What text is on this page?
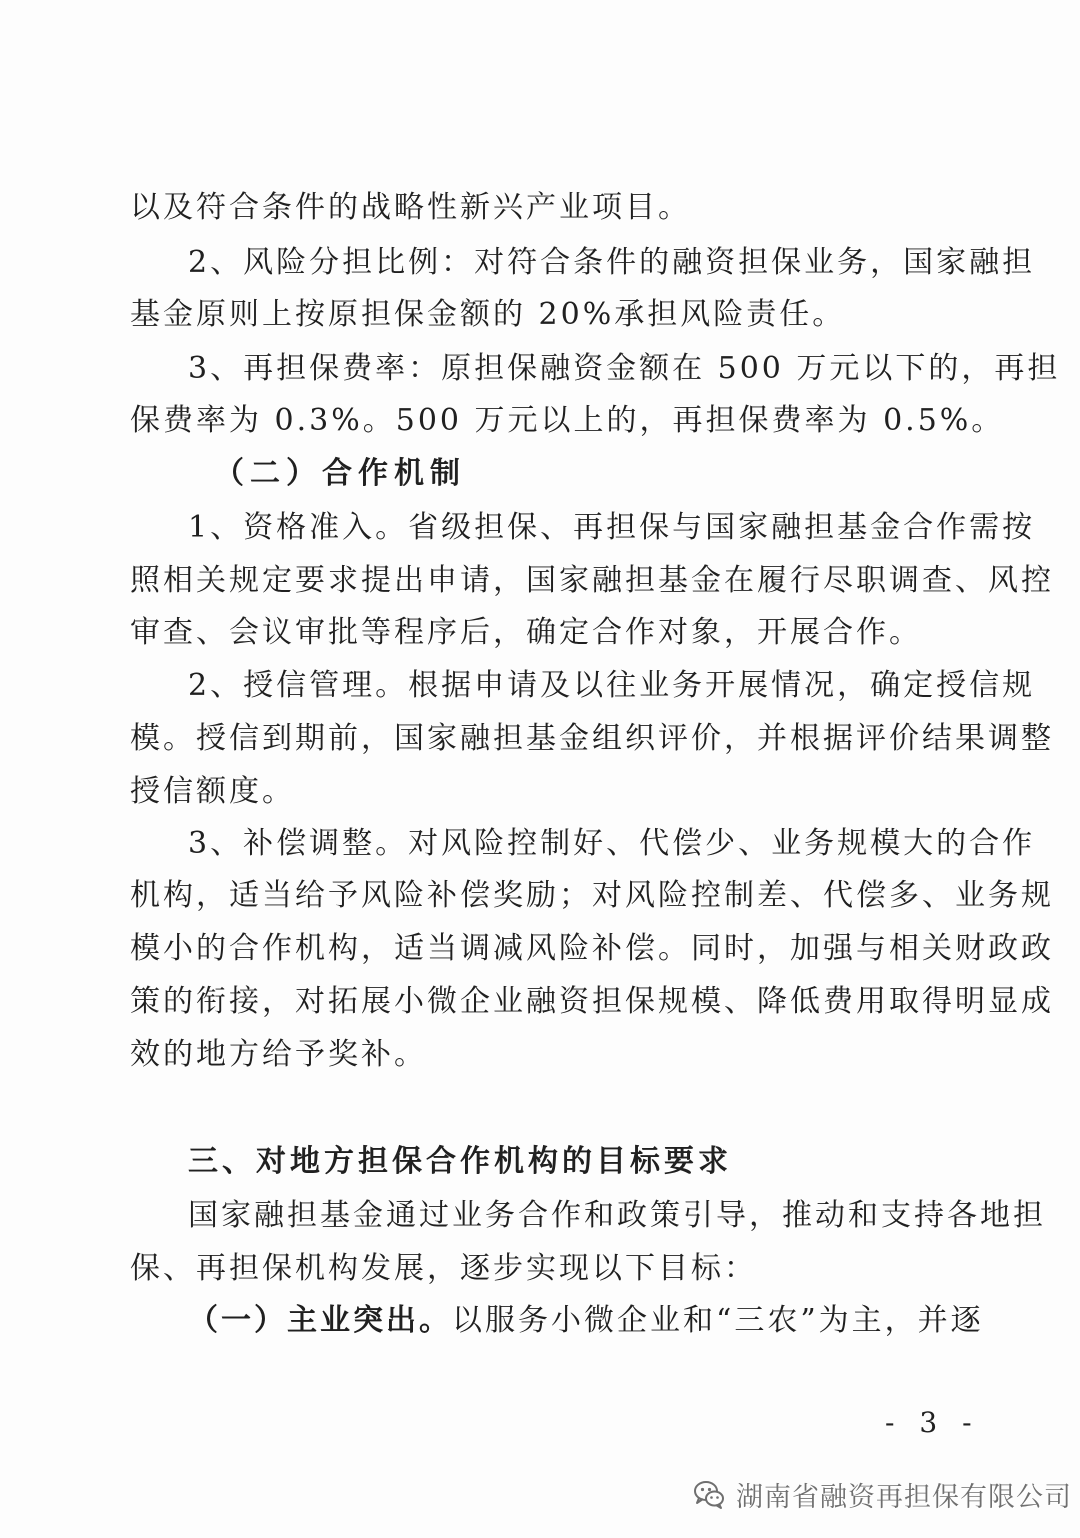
以及符合条件的战略性新兴产业项目。
2、风险分担比例：对符合条件的融资担保业务，国家融担
基金原则上按原担保金额的 20%承担风险责任。
3、再担保费率：原担保融资金额在 500 万元以下的，再担
保费率为 0.3%。500 万元以上的，再担保费率为 0.5%。
（二）合作机制
1、资格准入。省级担保、再担保与国家融担基金合作需按
照相关规定要求提出申请，国家融担基金在履行尽职调查、风控
审查、会议审批等程序后，确定合作对象，开展合作。
2、授信管理。根据申请及以往业务开展情况，确定授信规
模。授信到期前，国家融担基金组织评价，并根据评价结果调整
授信额度。
3、补偿调整。对风险控制好、代偿少、业务规模大的合作
机构，适当给予风险补偿奖励；对风险控制差、代偿多、业务规
模小的合作机构，适当调减风险补偿。同时，加强与相关财政政
策的衔接，对拓展小微企业融资担保规模、降低费用取得明显成
效的地方给予奖补。
三、对地方担保合作机构的目标要求
国家融担基金通过业务合作和政策引导，推动和支持各地担
保、再担保机构发展，逐步实现以下目标：
（一）主业突出。以服务小微企业和“三农”为主，并逐
- 3 -
湖南省融资再担保有限公司
